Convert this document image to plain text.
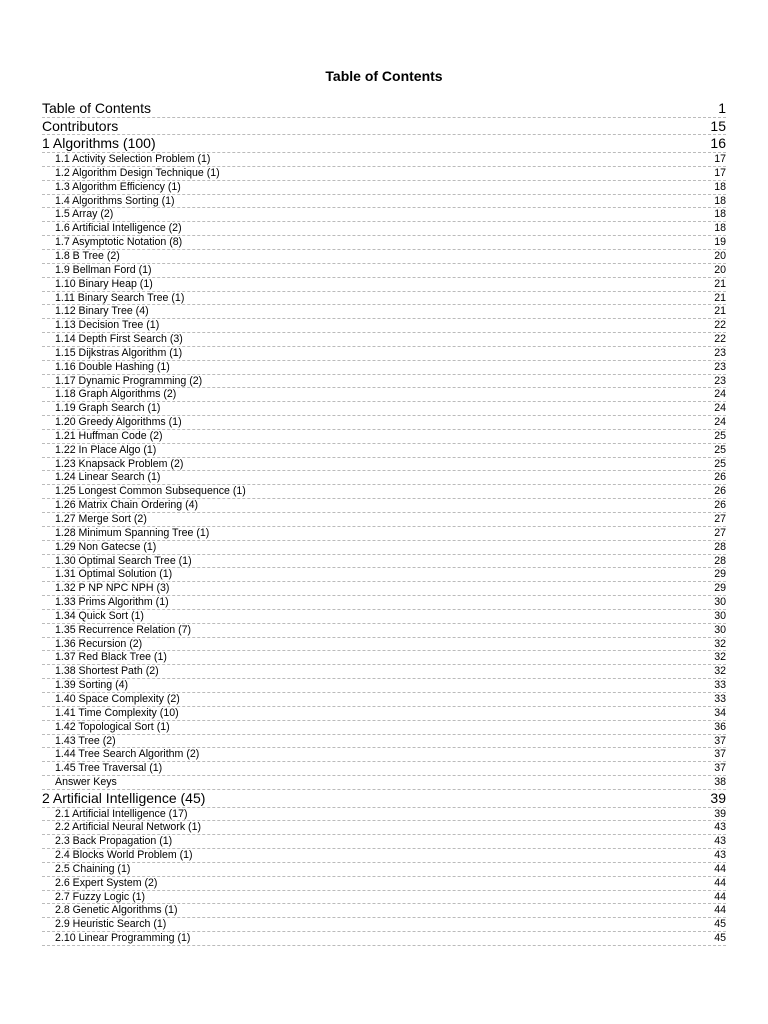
Table of Contents
Table of Contents	1
Contributors	15
1 Algorithms (100)	16
1.1 Activity Selection Problem (1)	17
1.2 Algorithm Design Technique (1)	17
1.3 Algorithm Efficiency (1)	18
1.4 Algorithms Sorting (1)	18
1.5 Array (2)	18
1.6 Artificial Intelligence (2)	18
1.7 Asymptotic Notation (8)	19
1.8 B Tree (2)	20
1.9 Bellman Ford (1)	20
1.10 Binary Heap (1)	21
1.11 Binary Search Tree (1)	21
1.12 Binary Tree (4)	21
1.13 Decision Tree (1)	22
1.14 Depth First Search (3)	22
1.15 Dijkstras Algorithm (1)	23
1.16 Double Hashing (1)	23
1.17 Dynamic Programming (2)	23
1.18 Graph Algorithms (2)	24
1.19 Graph Search (1)	24
1.20 Greedy Algorithms (1)	24
1.21 Huffman Code (2)	25
1.22 In Place Algo (1)	25
1.23 Knapsack Problem (2)	25
1.24 Linear Search (1)	26
1.25 Longest Common Subsequence (1)	26
1.26 Matrix Chain Ordering (4)	26
1.27 Merge Sort (2)	27
1.28 Minimum Spanning Tree (1)	27
1.29 Non Gatecse (1)	28
1.30 Optimal Search Tree (1)	28
1.31 Optimal Solution (1)	29
1.32 P NP NPC NPH (3)	29
1.33 Prims Algorithm (1)	30
1.34 Quick Sort (1)	30
1.35 Recurrence Relation (7)	30
1.36 Recursion (2)	32
1.37 Red Black Tree (1)	32
1.38 Shortest Path (2)	32
1.39 Sorting (4)	33
1.40 Space Complexity (2)	33
1.41 Time Complexity (10)	34
1.42 Topological Sort (1)	36
1.43 Tree (2)	37
1.44 Tree Search Algorithm (2)	37
1.45 Tree Traversal (1)	37
Answer Keys	38
2 Artificial Intelligence (45)	39
2.1 Artificial Intelligence (17)	39
2.2 Artificial Neural Network (1)	43
2.3 Back Propagation (1)	43
2.4 Blocks World Problem (1)	43
2.5 Chaining (1)	44
2.6 Expert System (2)	44
2.7 Fuzzy Logic (1)	44
2.8 Genetic Algorithms (1)	44
2.9 Heuristic Search (1)	45
2.10 Linear Programming (1)	45
